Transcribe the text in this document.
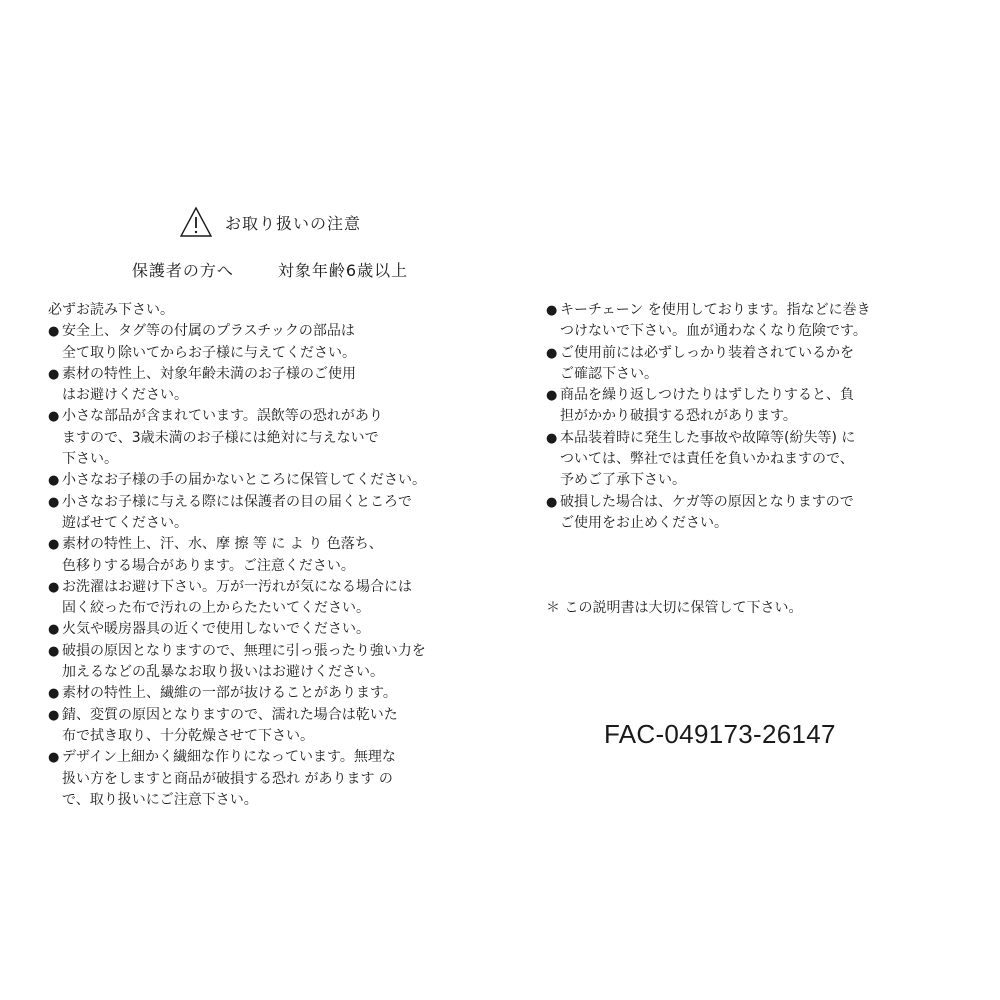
お取り扱いの注意
保護者の方へ	対象年齢6歳以上
必ずお読み下さい。
● 安全上、タグ等の付属のプラスチックの部品は
全て取り除いてからお子様に与えてください。
● 素材の特性上、対象年齢未満のお子様のご使用
はお避けください。
● 小さな部品が含まれています。誤飲等の恐れがあり
ますので、3歳未満のお子様には絶対に与えないで
下さい。
● 小さなお子様の手の届かないところに保管してください。
● 小さなお子様に与える際には保護者の目の届くところで
遊ばせてください。
● 素材の特性上、汗、水、摩 擦 等 に よ り 色落ち、
色移りする場合があります。ご注意ください。
● お洗濯はお避け下さい。万が一汚れが気になる場合には
固く絞った布で汚れの上からたたいてください。
● 火気や暖房器具の近くで使用しないでください。
● 破損の原因となりますので、無理に引っ張ったり強い力を
加えるなどの乱暴なお取り扱いはお避けください。
● 素材の特性上、繊維の一部が抜けることがあります。
● 錆、変質の原因となりますので、濡れた場合は乾いた
布で拭き取り、十分乾燥させて下さい。
● デザイン上細かく繊細な作りになっています。無理な
扱い方をしますと商品が破損する恐れ があります の
で、取り扱いにご注意下さい。
● キーチェーン を使用しております。指などに巻き
つけないで下さい。血が通わなくなり危険です。
● ご使用前には必ずしっかり装着されているかを
ご確認下さい。
● 商品を繰り返しつけたりはずしたりすると、負
担がかかり破損する恐れがあります。
● 本品装着時に発生した事故や故障等(紛失等) に
ついては、弊社では責任を負いかねますので、
予めご了承下さい。
● 破損した場合は、ケガ等の原因となりますので
ご使用をお止めください。
＊ この説明書は大切に保管して下さい。
FAC-049173-26147
